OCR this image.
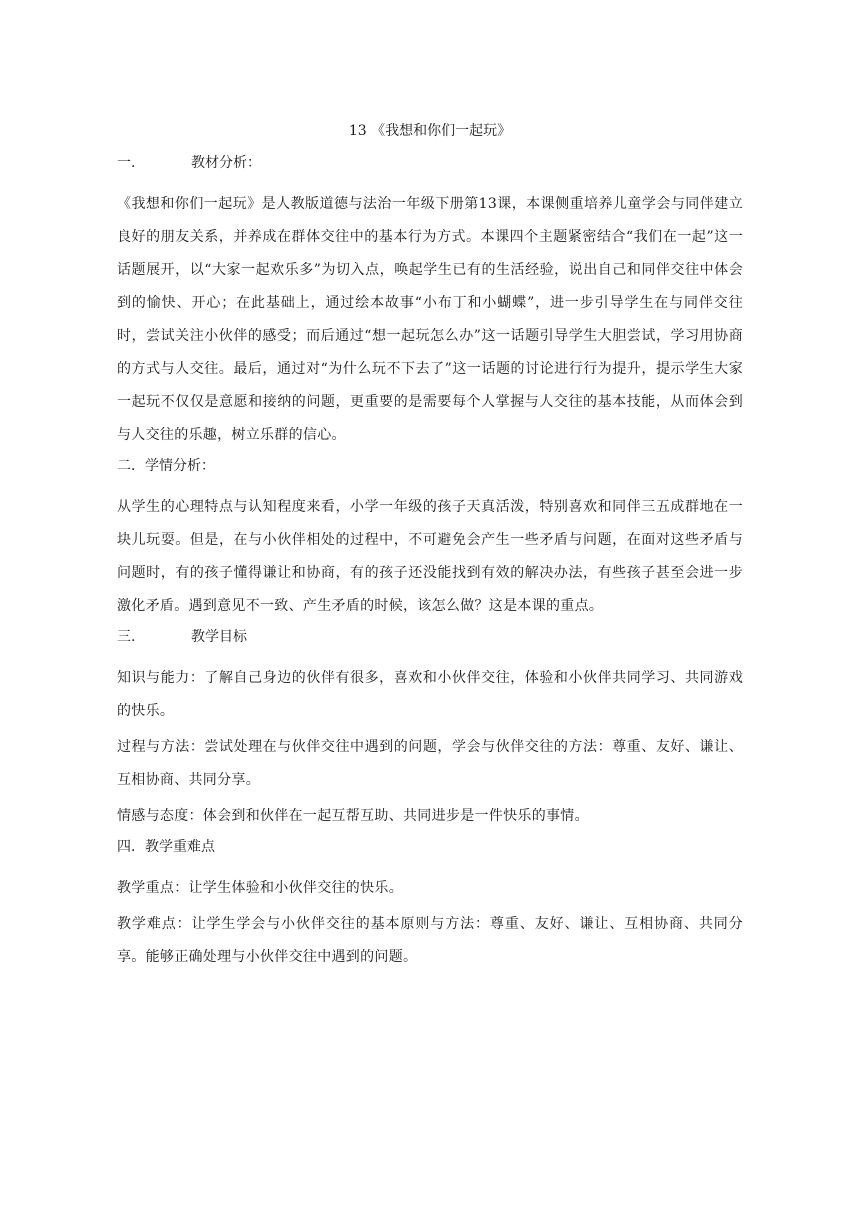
13 《我想和你们一起玩》
一.	教材分析：

《我想和你们一起玩》是人教版道德与法治一年级下册第13课，本课侧重培养儿童学会与同伴建立良好的朋友关系，并养成在群体交往中的基本行为方式。本课四个主题紧密结合“我们在一起”这一话题展开，以“大家一起欢乐多”为切入点，唤起学生已有的生活经验，说出自己和同伴交往中体会到的愉快、开心；在此基础上，通过绘本故事“小布丁和小蝴蝶”，进一步引导学生在与同伴交往时，尝试关注小伙伴的感受；而后通过“想一起玩怎么办”这一话题引导学生大胆尝试，学习用协商的方式与人交往。最后，通过对“为什么玩不下去了”这一话题的讨论进行行为提升，提示学生大家一起玩不仅仅是意愿和接纳的问题，更重要的是需要每个人掌握与人交往的基本技能，从而体会到与人交往的乐趣，树立乐群的信心。

二．学情分析：

从学生的心理特点与认知程度来看，小学一年级的孩子天真活泼，特别喜欢和同伴三五成群地在一块儿玩耍。但是，在与小伙伴相处的过程中，不可避免会产生一些矛盾与问题，在面对这些矛盾与问题时，有的孩子懂得谦让和协商，有的孩子还没能找到有效的解决办法，有些孩子甚至会进一步激化矛盾。遇到意见不一致、产生矛盾的时候，该怎么做？这是本课的重点。

三.	教学目标

知识与能力：了解自己身边的伙伴有很多，喜欢和小伙伴交往，体验和小伙伴共同学习、共同游戏的快乐。

过程与方法：尝试处理在与伙伴交往中遇到的问题，学会与伙伴交往的方法：尊重、友好、谦让、互相协商、共同分享。

情感与态度：体会到和伙伴在一起互帮互助、共同进步是一件快乐的事情。

四．教学重难点

教学重点：让学生体验和小伙伴交往的快乐。

教学难点：让学生学会与小伙伴交往的基本原则与方法：尊重、友好、谦让、互相协商、共同分享。能够正确处理与小伙伴交往中遇到的问题。
